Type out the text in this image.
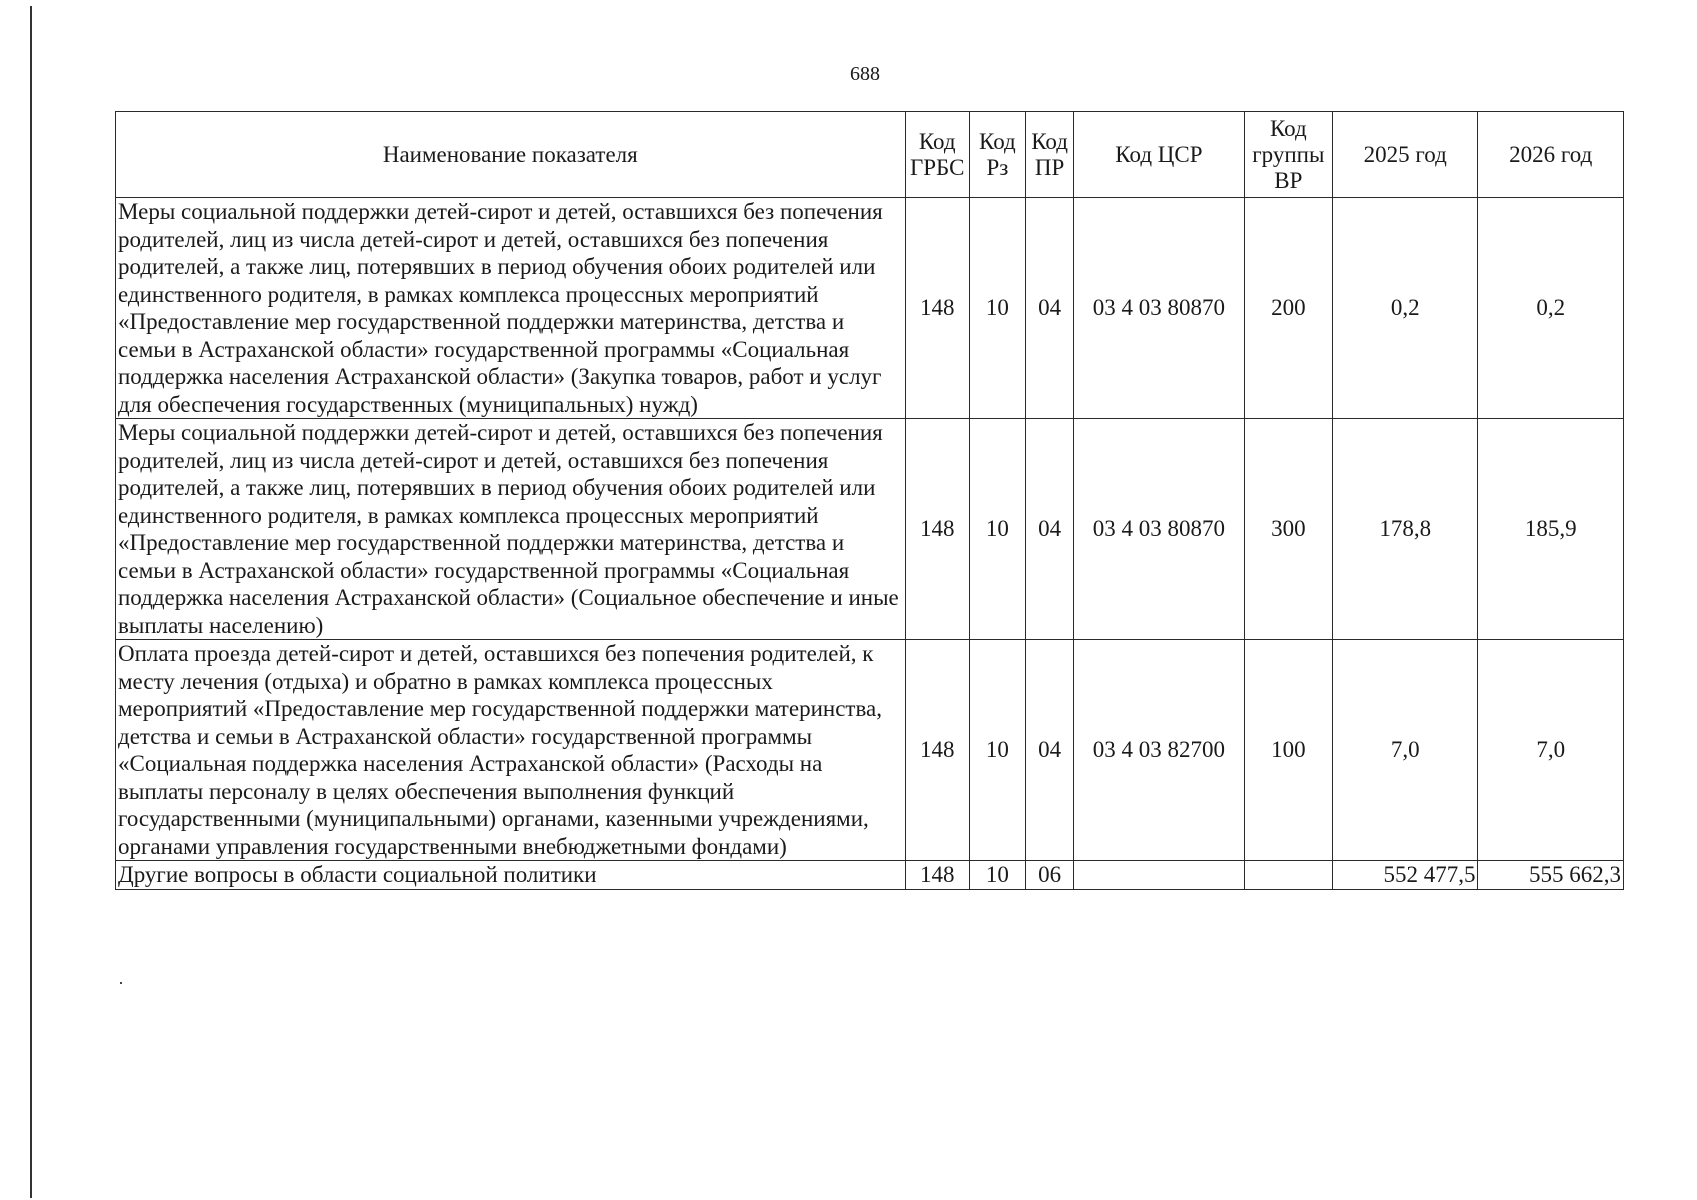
688
Наименование показателя	Код ГРБС	Код Рз	Код ПР	Код ЦСР	Код группы ВР	2025 год	2026 год
Меры социальной поддержки детей-сирот и детей, оставшихся без попечения родителей, лиц из числа детей-сирот и детей, оставшихся без попечения родителей, а также лиц, потерявших в период обучения обоих родителей или единственного родителя, в рамках комплекса процессных мероприятий «Предоставление мер государственной поддержки материнства, детства и семьи в Астраханской области» государственной программы «Социальная поддержка населения Астраханской области» (Закупка товаров, работ и услуг для обеспечения государственных (муниципальных) нужд)	148	10	04	03 4 03 80870	200	0,2	0,2
Меры социальной поддержки детей-сирот и детей, оставшихся без попечения родителей, лиц из числа детей-сирот и детей, оставшихся без попечения родителей, а также лиц, потерявших в период обучения обоих родителей или единственного родителя, в рамках комплекса процессных мероприятий «Предоставление мер государственной поддержки материнства, детства и семьи в Астраханской области» государственной программы «Социальная поддержка населения Астраханской области» (Социальное обеспечение и иные выплаты населению)	148	10	04	03 4 03 80870	300	178,8	185,9
Оплата проезда детей-сирот и детей, оставшихся без попечения родителей, к месту лечения (отдыха) и обратно в рамках комплекса процессных мероприятий «Предоставление мер государственной поддержки материнства, детства и семьи в Астраханской области» государственной программы «Социальная поддержка населения Астраханской области» (Расходы на выплаты персоналу в целях обеспечения выполнения функций государственными (муниципальными) органами, казенными учреждениями, органами управления государственными внебюджетными фондами)	148	10	04	03 4 03 82700	100	7,0	7,0
Другие вопросы в области социальной политики	148	10	06			552 477,5	555 662,3
